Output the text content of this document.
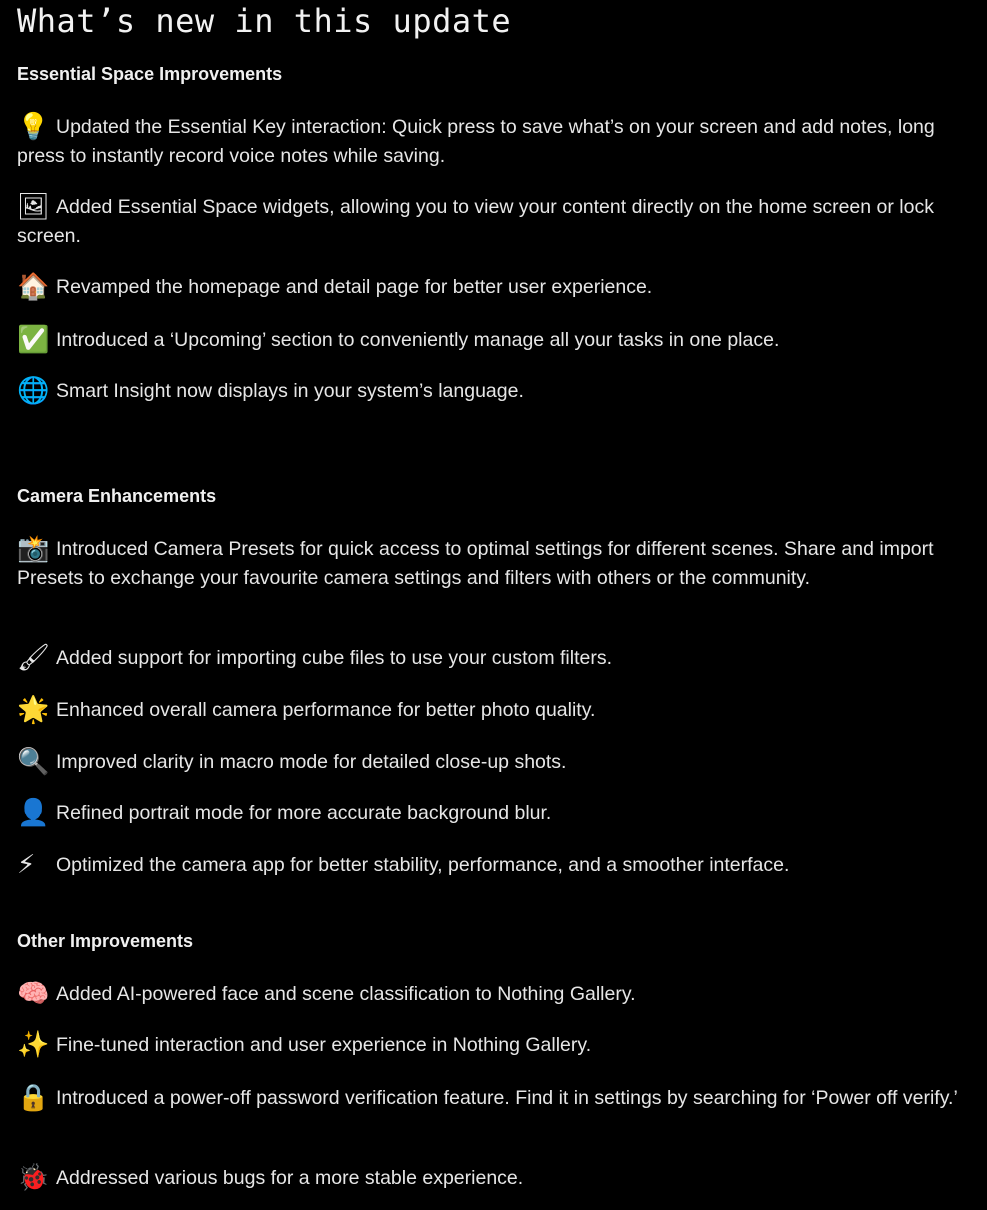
What’s new in this update
Essential Space Improvements

💡 Updated the Essential Key interaction: Quick press to save what’s on your screen and add notes, long press to instantly record voice notes while saving.

🖼 Added Essential Space widgets, allowing you to view your content directly on the home screen or lock screen.

🏠 Revamped the homepage and detail page for better user experience.

✅ Introduced a ‘Upcoming’ section to conveniently manage all your tasks in one place.

🌐 Smart Insight now displays in your system’s language.

Camera Enhancements

📸 Introduced Camera Presets for quick access to optimal settings for different scenes. Share and import Presets to exchange your favourite camera settings and filters with others or the community.

🖌 Added support for importing cube files to use your custom filters.

🌟 Enhanced overall camera performance for better photo quality.

🔍 Improved clarity in macro mode for detailed close-up shots.

👤 Refined portrait mode for more accurate background blur.

⚡ Optimized the camera app for better stability, performance, and a smoother interface.

Other Improvements

🧠 Added AI-powered face and scene classification to Nothing Gallery.

✨ Fine-tuned interaction and user experience in Nothing Gallery.

🔒 Introduced a power-off password verification feature. Find it in settings by searching for ‘Power off verify.’

🐞 Addressed various bugs for a more stable experience.
